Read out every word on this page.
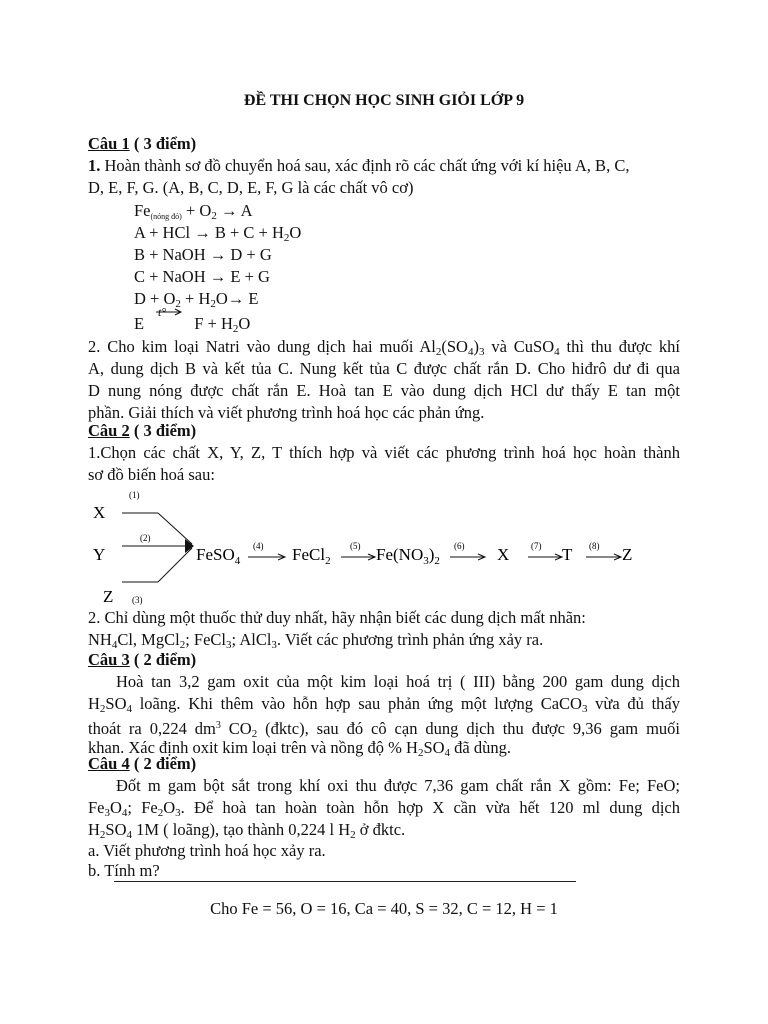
ĐỀ THI CHỌN HỌC SINH GIỎI LỚP 9
Câu 1 ( 3 điểm)
1. Hoàn thành sơ đồ chuyển hoá sau, xác định rõ các chất ứng với kí hiệu A, B, C,
D, E, F, G. (A, B, C, D, E, F, G là các chất vô cơ)
Fe(nóng đỏ) + $O_2 \to A$
A + HCl → $B + C + H_2O$
B + NaOH → D + G
C + NaOH → E + G
$D + O_2 + H_2O\to E$
E
t°
$F + H_2O$
2. Cho kim loại Natri vào dung dịch hai muối $Al_2(SO_4)_3$ và CuSO$_4$ thì thu được khí
A, dung dịch B và kết tủa C. Nung kết tủa C được chất rắn D. Cho hiđrô dư đi qua
D nung nóng được chất rắn E. Hoà tan E vào dung dịch HCl dư thấy E tan một
phần. Giải thích và viết phương trình hoá học các phản ứng.
Câu 2 ( 3 điểm)
1.Chọn các chất X, Y, Z, T thích hợp và viết các phương trình hoá học hoàn thành
sơ đồ biến hoá sau:
X
Y
Z
(1)
(2)
(3)
FeSO$_4$
(4) FeCl$_2$
(5) $Fe(NO_3)_2$
(6) X (7) T (8) Z
2. Chỉ dùng một thuốc thử duy nhất, hãy nhận biết các dung dịch mất nhãn:
$NH_4Cl$, MgCl$_2$; FeCl$_3$; AlCl$_3$. Viết các phương trình phản ứng xảy ra.
Câu 3 ( 2 điểm)
Hoà tan 3,2 gam oxit của một kim loại hoá trị ( III) bằng 200 gam dung dịch
$H_2SO_4$ loãng. Khi thêm vào hỗn hợp sau phản ứng một lượng CaCO$_3$ vừa đủ thấy
thoát ra 0,224 $dm^3$ $CO_2$ (đktc), sau đó cô cạn dung dịch thu được 9,36 gam muối
khan. Xác định oxit kim loại trên và nồng độ % $H_2SO_4$ đã dùng.
Câu 4 ( 2 điểm)
Đốt m gam bột sắt trong khí oxi thu được 7,36 gam chất rắn X gồm: Fe; FeO;
$Fe_3O_4$; $Fe_2O_3$. Để hoà tan hoàn toàn hỗn hợp X cần vừa hết 120 ml dung dịch
$H_2SO_4$ 1M ( loãng), tạo thành 0,224 l $H_2$ ở đktc.
a. Viết phương trình hoá học xảy ra.
b. Tính m?
Cho Fe = 56, O = 16, Ca = 40, S = 32, C = 12, H = 1
